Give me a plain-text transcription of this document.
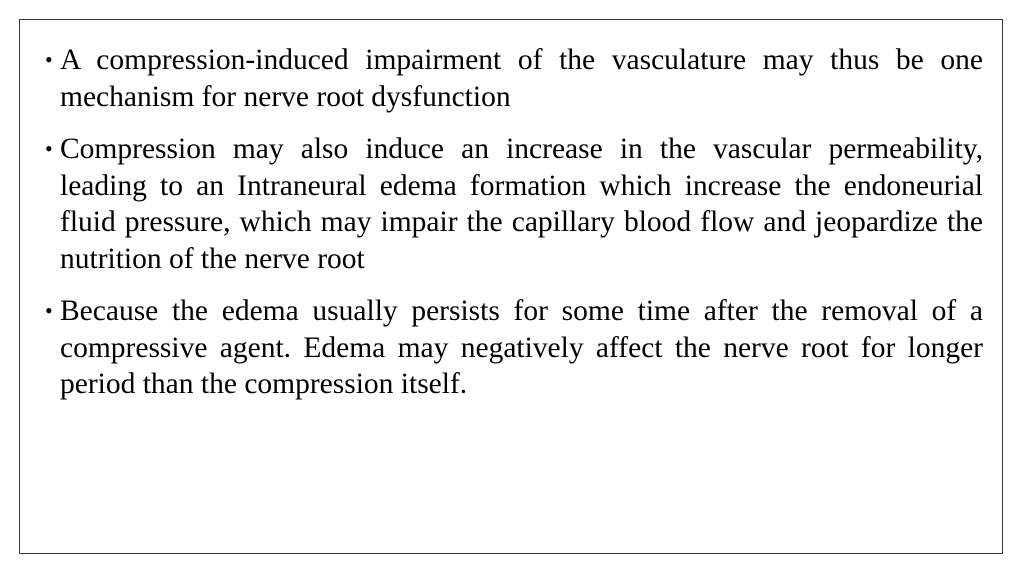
• A compression-induced impairment of the vasculature may thus be one mechanism for nerve root dysfunction
• Compression may also induce an increase in the vascular permeability, leading to an Intraneural edema formation which increase the endoneurial fluid pressure, which may impair the capillary blood flow and jeopardize the nutrition of the nerve root
• Because the edema usually persists for some time after the removal of a compressive agent. Edema may negatively affect the nerve root for longer period than the compression itself.
